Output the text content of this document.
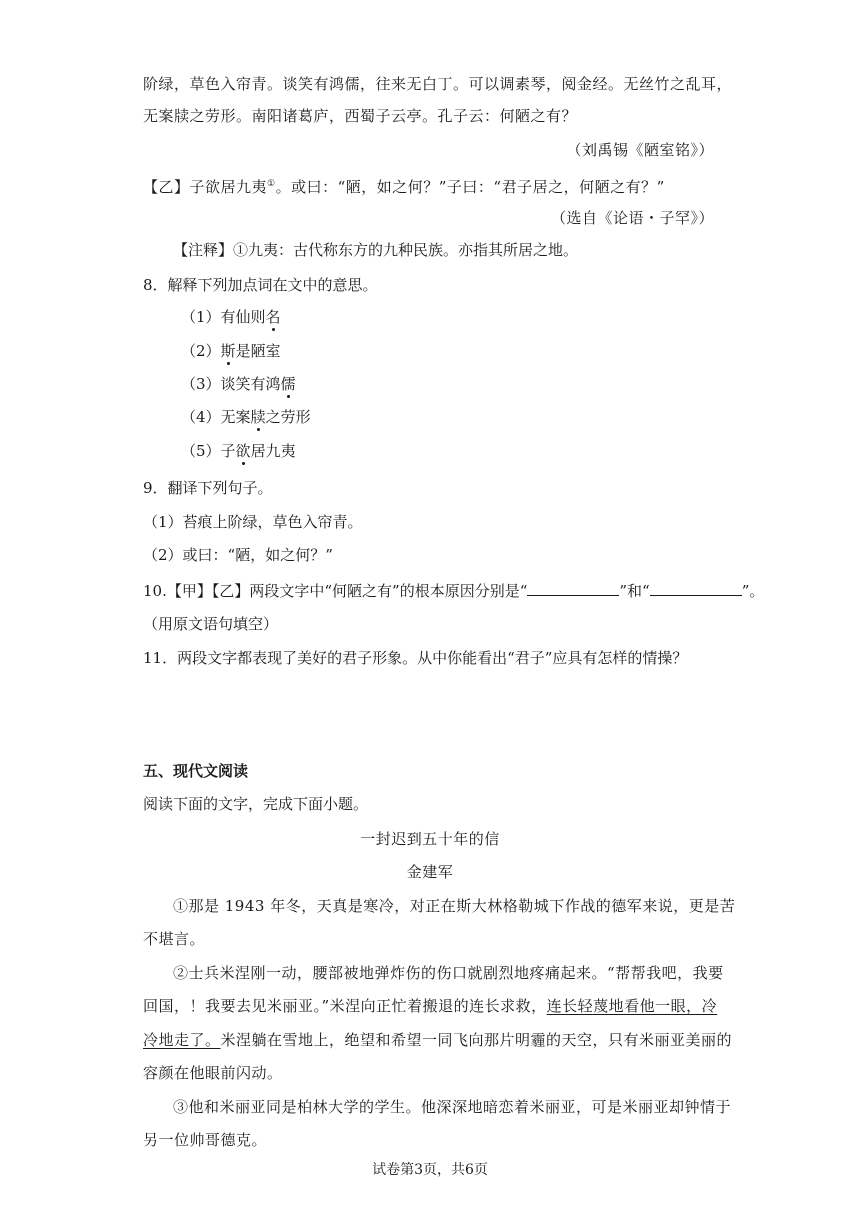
阶绿，草色入帘青。谈笑有鸿儒，往来无白丁。可以调素琴，阅金经。无丝竹之乱耳，
无案牍之劳形。南阳诸葛庐，西蜀子云亭。孔子云：何陋之有？
（刘禹锡《陋室铭》）
【乙】子欲居九夷①。或曰：“陋，如之何？”子曰：“君子居之，何陋之有？”
（选自《论语・子罕》）
【注释】①九夷：古代称东方的九种民族。亦指其所居之地。
8．解释下列加点词在文中的意思。
（1）有仙则名
（2）斯是陋室
（3）谈笑有鸿儒
（4）无案牍之劳形
（5）子欲居九夷
9．翻译下列句子。
（1）苔痕上阶绿，草色入帘青。
（2）或曰：“陋，如之何？”
10.【甲】【乙】两段文字中“何陋之有”的根本原因分别是“	”和“	”。
（用原文语句填空）
11．两段文字都表现了美好的君子形象。从中你能看出“君子”应具有怎样的情操？
五、现代文阅读
阅读下面的文字，完成下面小题。
一封迟到五十年的信
金建军
①那是 1943 年冬，天真是寒冷，对正在斯大林格勒城下作战的德军来说，更是苦
不堪言。
②士兵米涅刚一动，腰部被地弹炸伤的伤口就剧烈地疼痛起来。“帮帮我吧，我要
回国，！我要去见米丽亚。”米涅向正忙着搬退的连长求救，连长轻蔑地看他一眼，冷
冷地走了。米涅躺在雪地上，绝望和希望一同飞向那片明霾的天空，只有米丽亚美丽的
容颜在他眼前闪动。
③他和米丽亚同是柏林大学的学生。他深深地暗恋着米丽亚，可是米丽亚却钟情于
另一位帅哥德克。
试卷第3页，共6页
